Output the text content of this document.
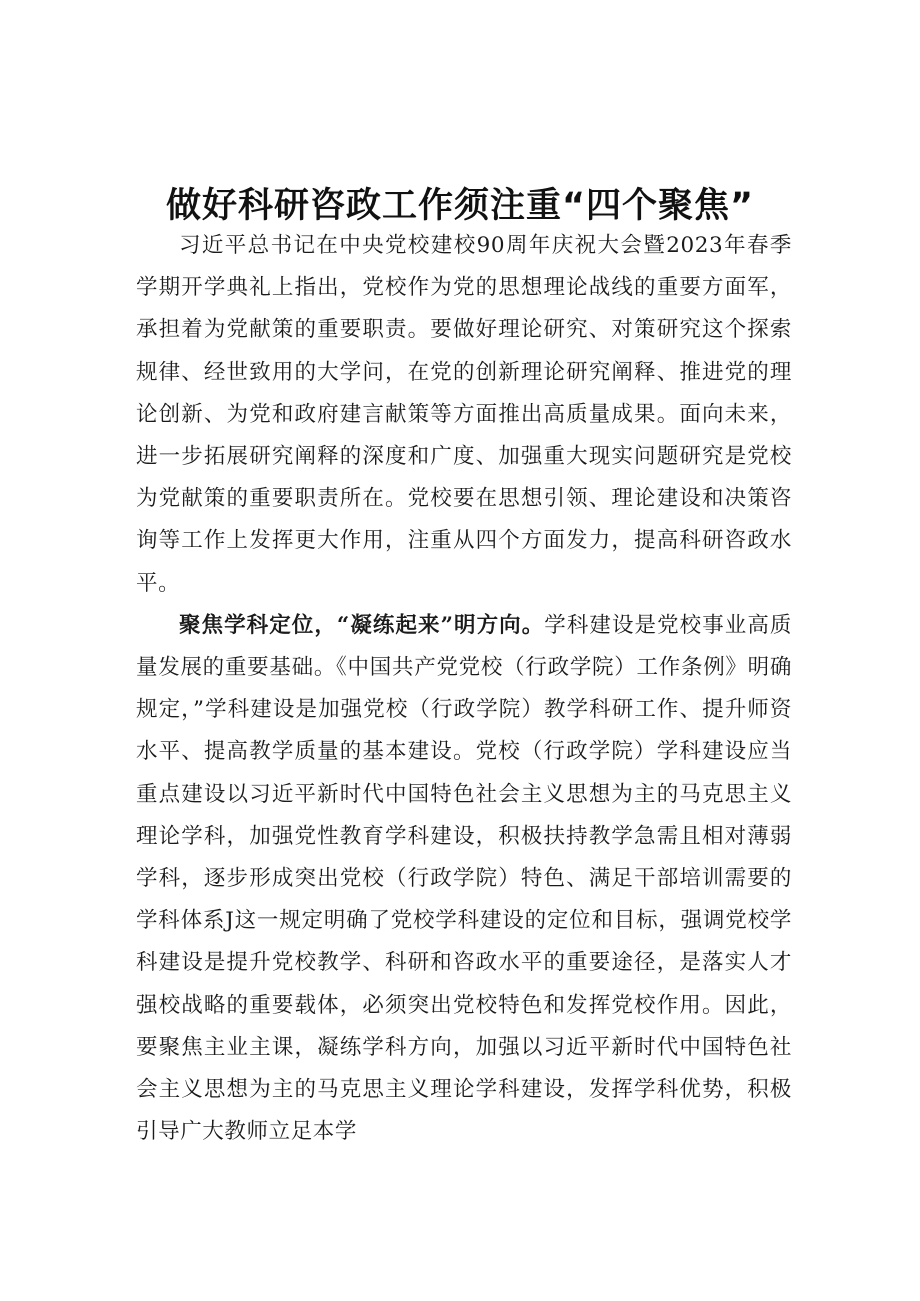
做好科研咨政工作须注重“四个聚焦”

习近平总书记在中央党校建校90周年庆祝大会暨2023年春季学期开学典礼上指出，党校作为党的思想理论战线的重要方面军，承担着为党献策的重要职责。要做好理论研究、对策研究这个探索规律、经世致用的大学问，在党的创新理论研究阐释、推进党的理论创新、为党和政府建言献策等方面推出高质量成果。面向未来，进一步拓展研究阐释的深度和广度、加强重大现实问题研究是党校为党献策的重要职责所在。党校要在思想引领、理论建设和决策咨询等工作上发挥更大作用，注重从四个方面发力，提高科研咨政水平。

聚焦学科定位，“凝练起来”明方向。学科建设是党校事业高质量发展的重要基础。《中国共产党党校（行政学院）工作条例》明确规定，”学科建设是加强党校（行政学院）教学科研工作、提升师资水平、提高教学质量的基本建设。党校（行政学院）学科建设应当重点建设以习近平新时代中国特色社会主义思想为主的马克思主义理论学科，加强党性教育学科建设，积极扶持教学急需且相对薄弱学科，逐步形成突出党校（行政学院）特色、满足干部培训需要的学科体系J这一规定明确了党校学科建设的定位和目标，强调党校学科建设是提升党校教学、科研和咨政水平的重要途径，是落实人才强校战略的重要载体，必须突出党校特色和发挥党校作用。因此，要聚焦主业主课，凝练学科方向，加强以习近平新时代中国特色社会主义思想为主的马克思主义理论学科建设，发挥学科优势，积极引导广大教师立足本学
